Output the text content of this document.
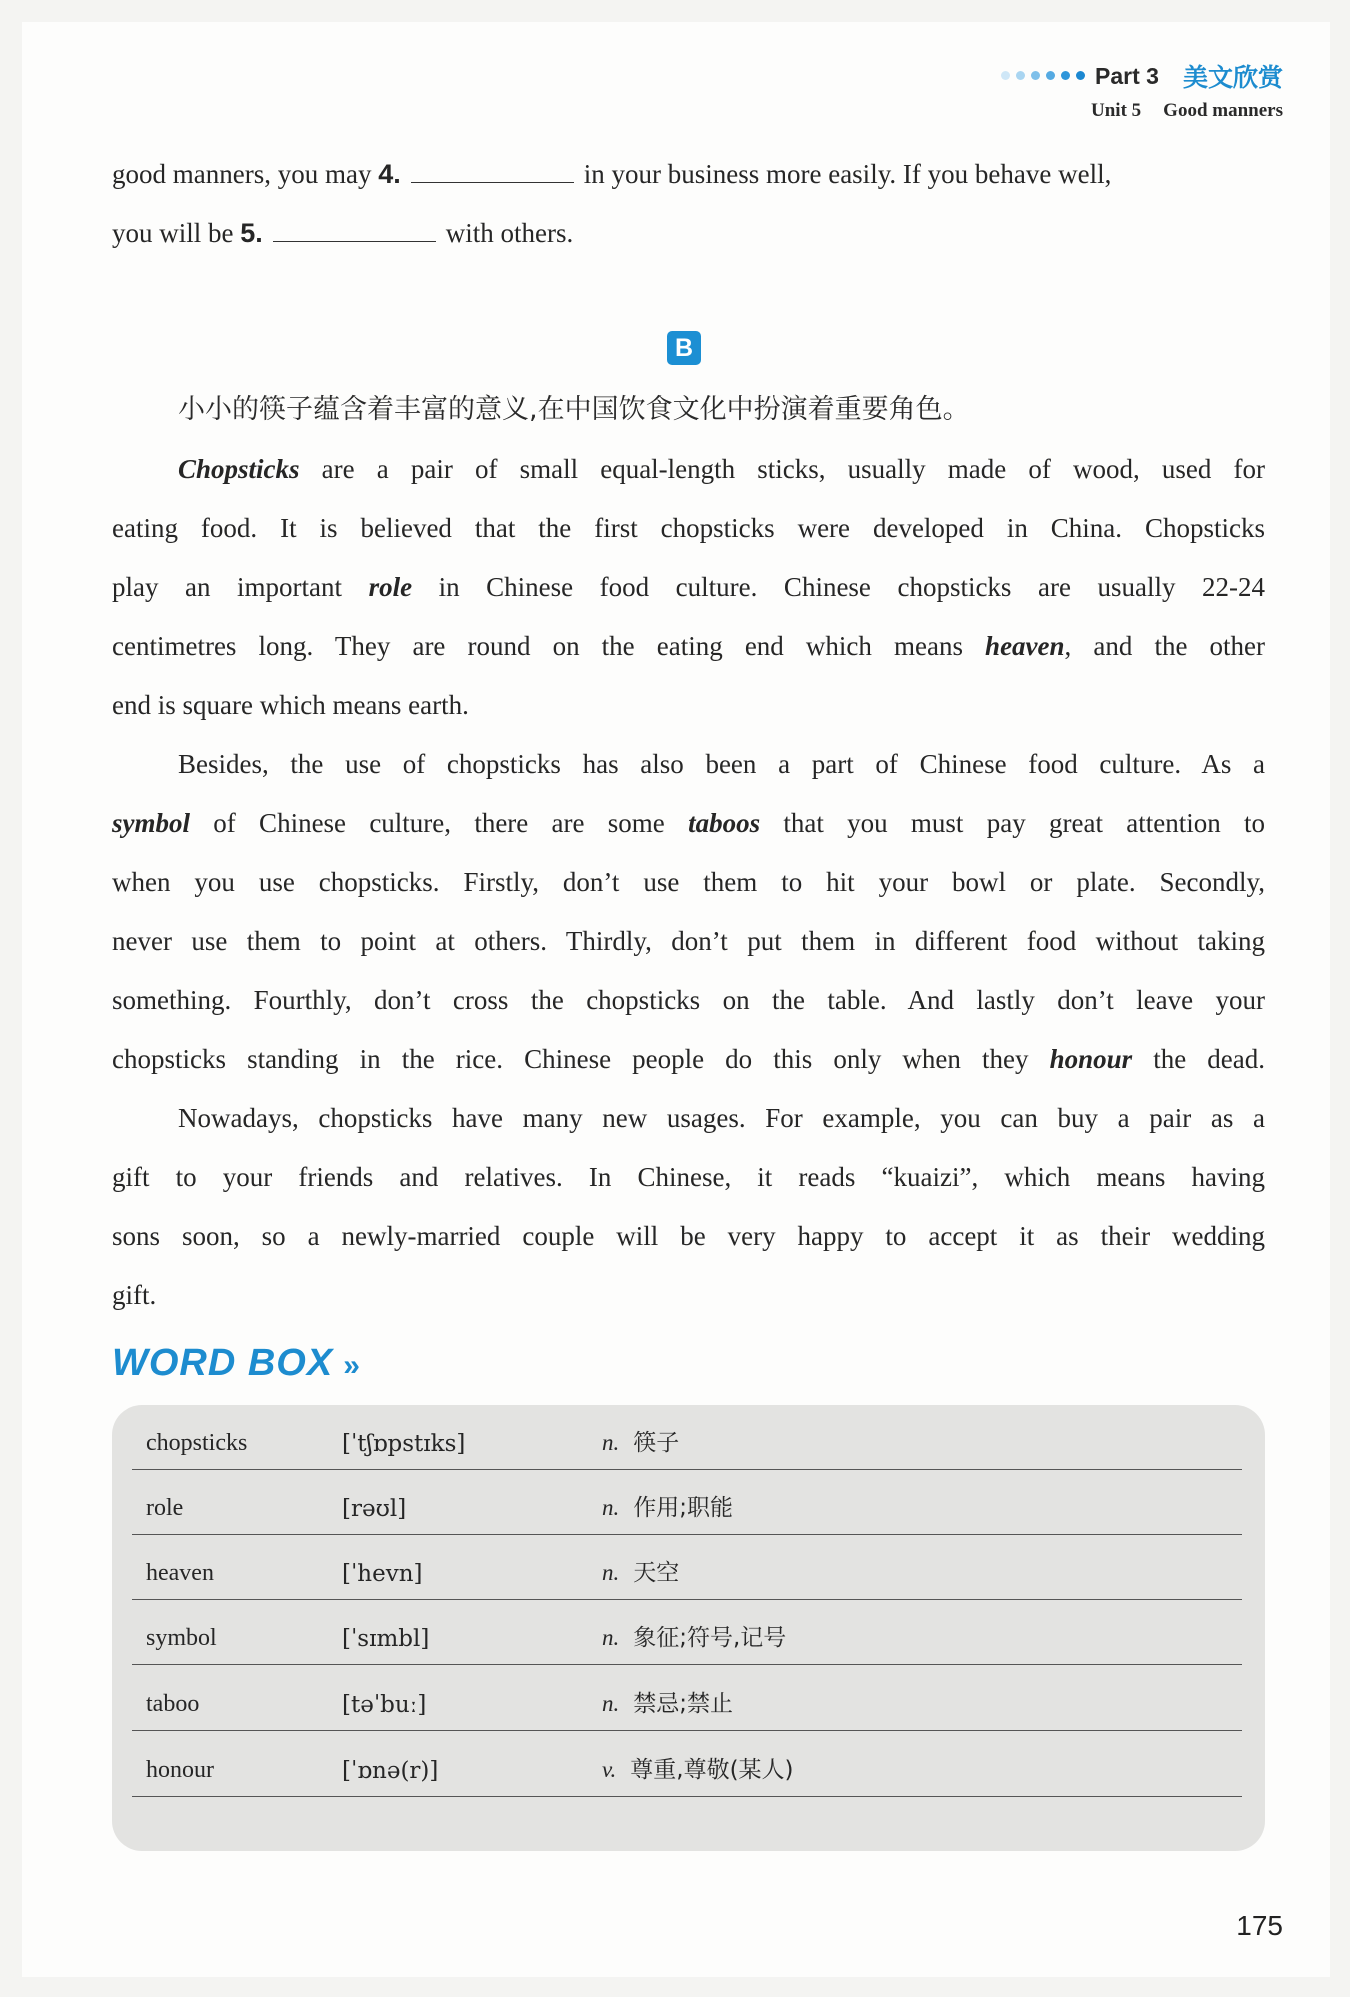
Part 3 美文欣赏
Unit 5 Good manners
good manners, you may 4.	in your business more easily. If you behave well,
you will be 5.	with others.
B
小小的筷子蕴含着丰富的意义,在中国饮食文化中扮演着重要角色。
Chopsticks are a pair of small equal-length sticks, usually made of wood, used for
eating food. It is believed that the first chopsticks were developed in China. Chopsticks
play an important role in Chinese food culture. Chinese chopsticks are usually 22-24
centimetres long. They are round on the eating end which means heaven, and the other
end is square which means earth.
Besides, the use of chopsticks has also been a part of Chinese food culture. As a
symbol of Chinese culture, there are some taboos that you must pay great attention to
when you use chopsticks. Firstly, don’t use them to hit your bowl or plate. Secondly,
never use them to point at others. Thirdly, don’t put them in different food without taking
something. Fourthly, don’t cross the chopsticks on the table. And lastly don’t leave your
chopsticks standing in the rice. Chinese people do this only when they honour the dead.
Nowadays, chopsticks have many new usages. For example, you can buy a pair as a
gift to your friends and relatives. In Chinese, it reads “kuaizi”, which means having
sons soon, so a newly-married couple will be very happy to accept it as their wedding
gift.
WORD BOX »
chopsticks	[ˈtʃɒpstɪks]	n. 筷子
role	[rəʊl]	n. 作用;职能
heaven	[ˈhevn]	n. 天空
symbol	[ˈsɪmbl]	n. 象征;符号,记号
taboo	[təˈbuː]	n. 禁忌;禁止
honour	[ˈɒnə(r)]	v. 尊重,尊敬(某人)
175
